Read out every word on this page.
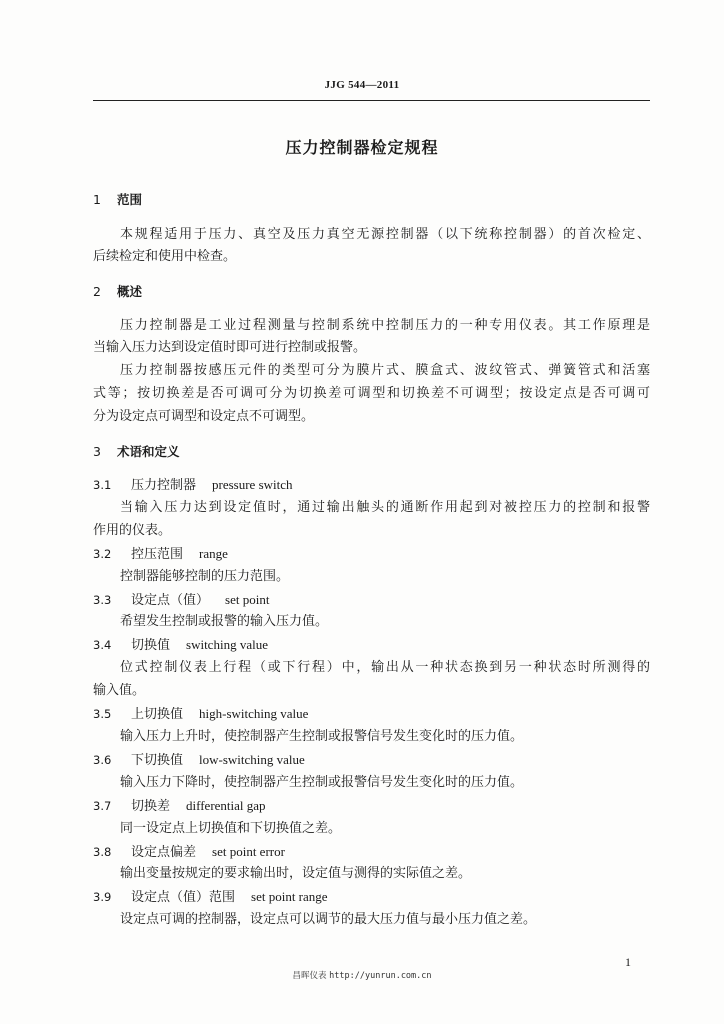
JJG 544—2011
压力控制器检定规程
1 范围
本规程适用于压力、真空及压力真空无源控制器（以下统称控制器）的首次检定、
后续检定和使用中检查。
2 概述
压力控制器是工业过程测量与控制系统中控制压力的一种专用仪表。其工作原理是
当输入压力达到设定值时即可进行控制或报警。
压力控制器按感压元件的类型可分为膜片式、膜盒式、波纹管式、弹簧管式和活塞
式等；按切换差是否可调可分为切换差可调型和切换差不可调型；按设定点是否可调可
分为设定点可调型和设定点不可调型。
3 术语和定义
3.1 压力控制器 pressure switch
当输入压力达到设定值时，通过输出触头的通断作用起到对被控压力的控制和报警
作用的仪表。
3.2 控压范围 range
控制器能够控制的压力范围。
3.3 设定点（值） set point
希望发生控制或报警的输入压力值。
3.4 切换值 switching value
位式控制仪表上行程（或下行程）中，输出从一种状态换到另一种状态时所测得的
输入值。
3.5 上切换值 high-switching value
输入压力上升时，使控制器产生控制或报警信号发生变化时的压力值。
3.6 下切换值 low-switching value
输入压力下降时，使控制器产生控制或报警信号发生变化时的压力值。
3.7 切换差 differential gap
同一设定点上切换值和下切换值之差。
3.8 设定点偏差 set point error
输出变量按规定的要求输出时，设定值与测得的实际值之差。
3.9 设定点（值）范围 set point range
设定点可调的控制器，设定点可以调节的最大压力值与最小压力值之差。
1
昌晖仪表 http://yunrun.com.cn
